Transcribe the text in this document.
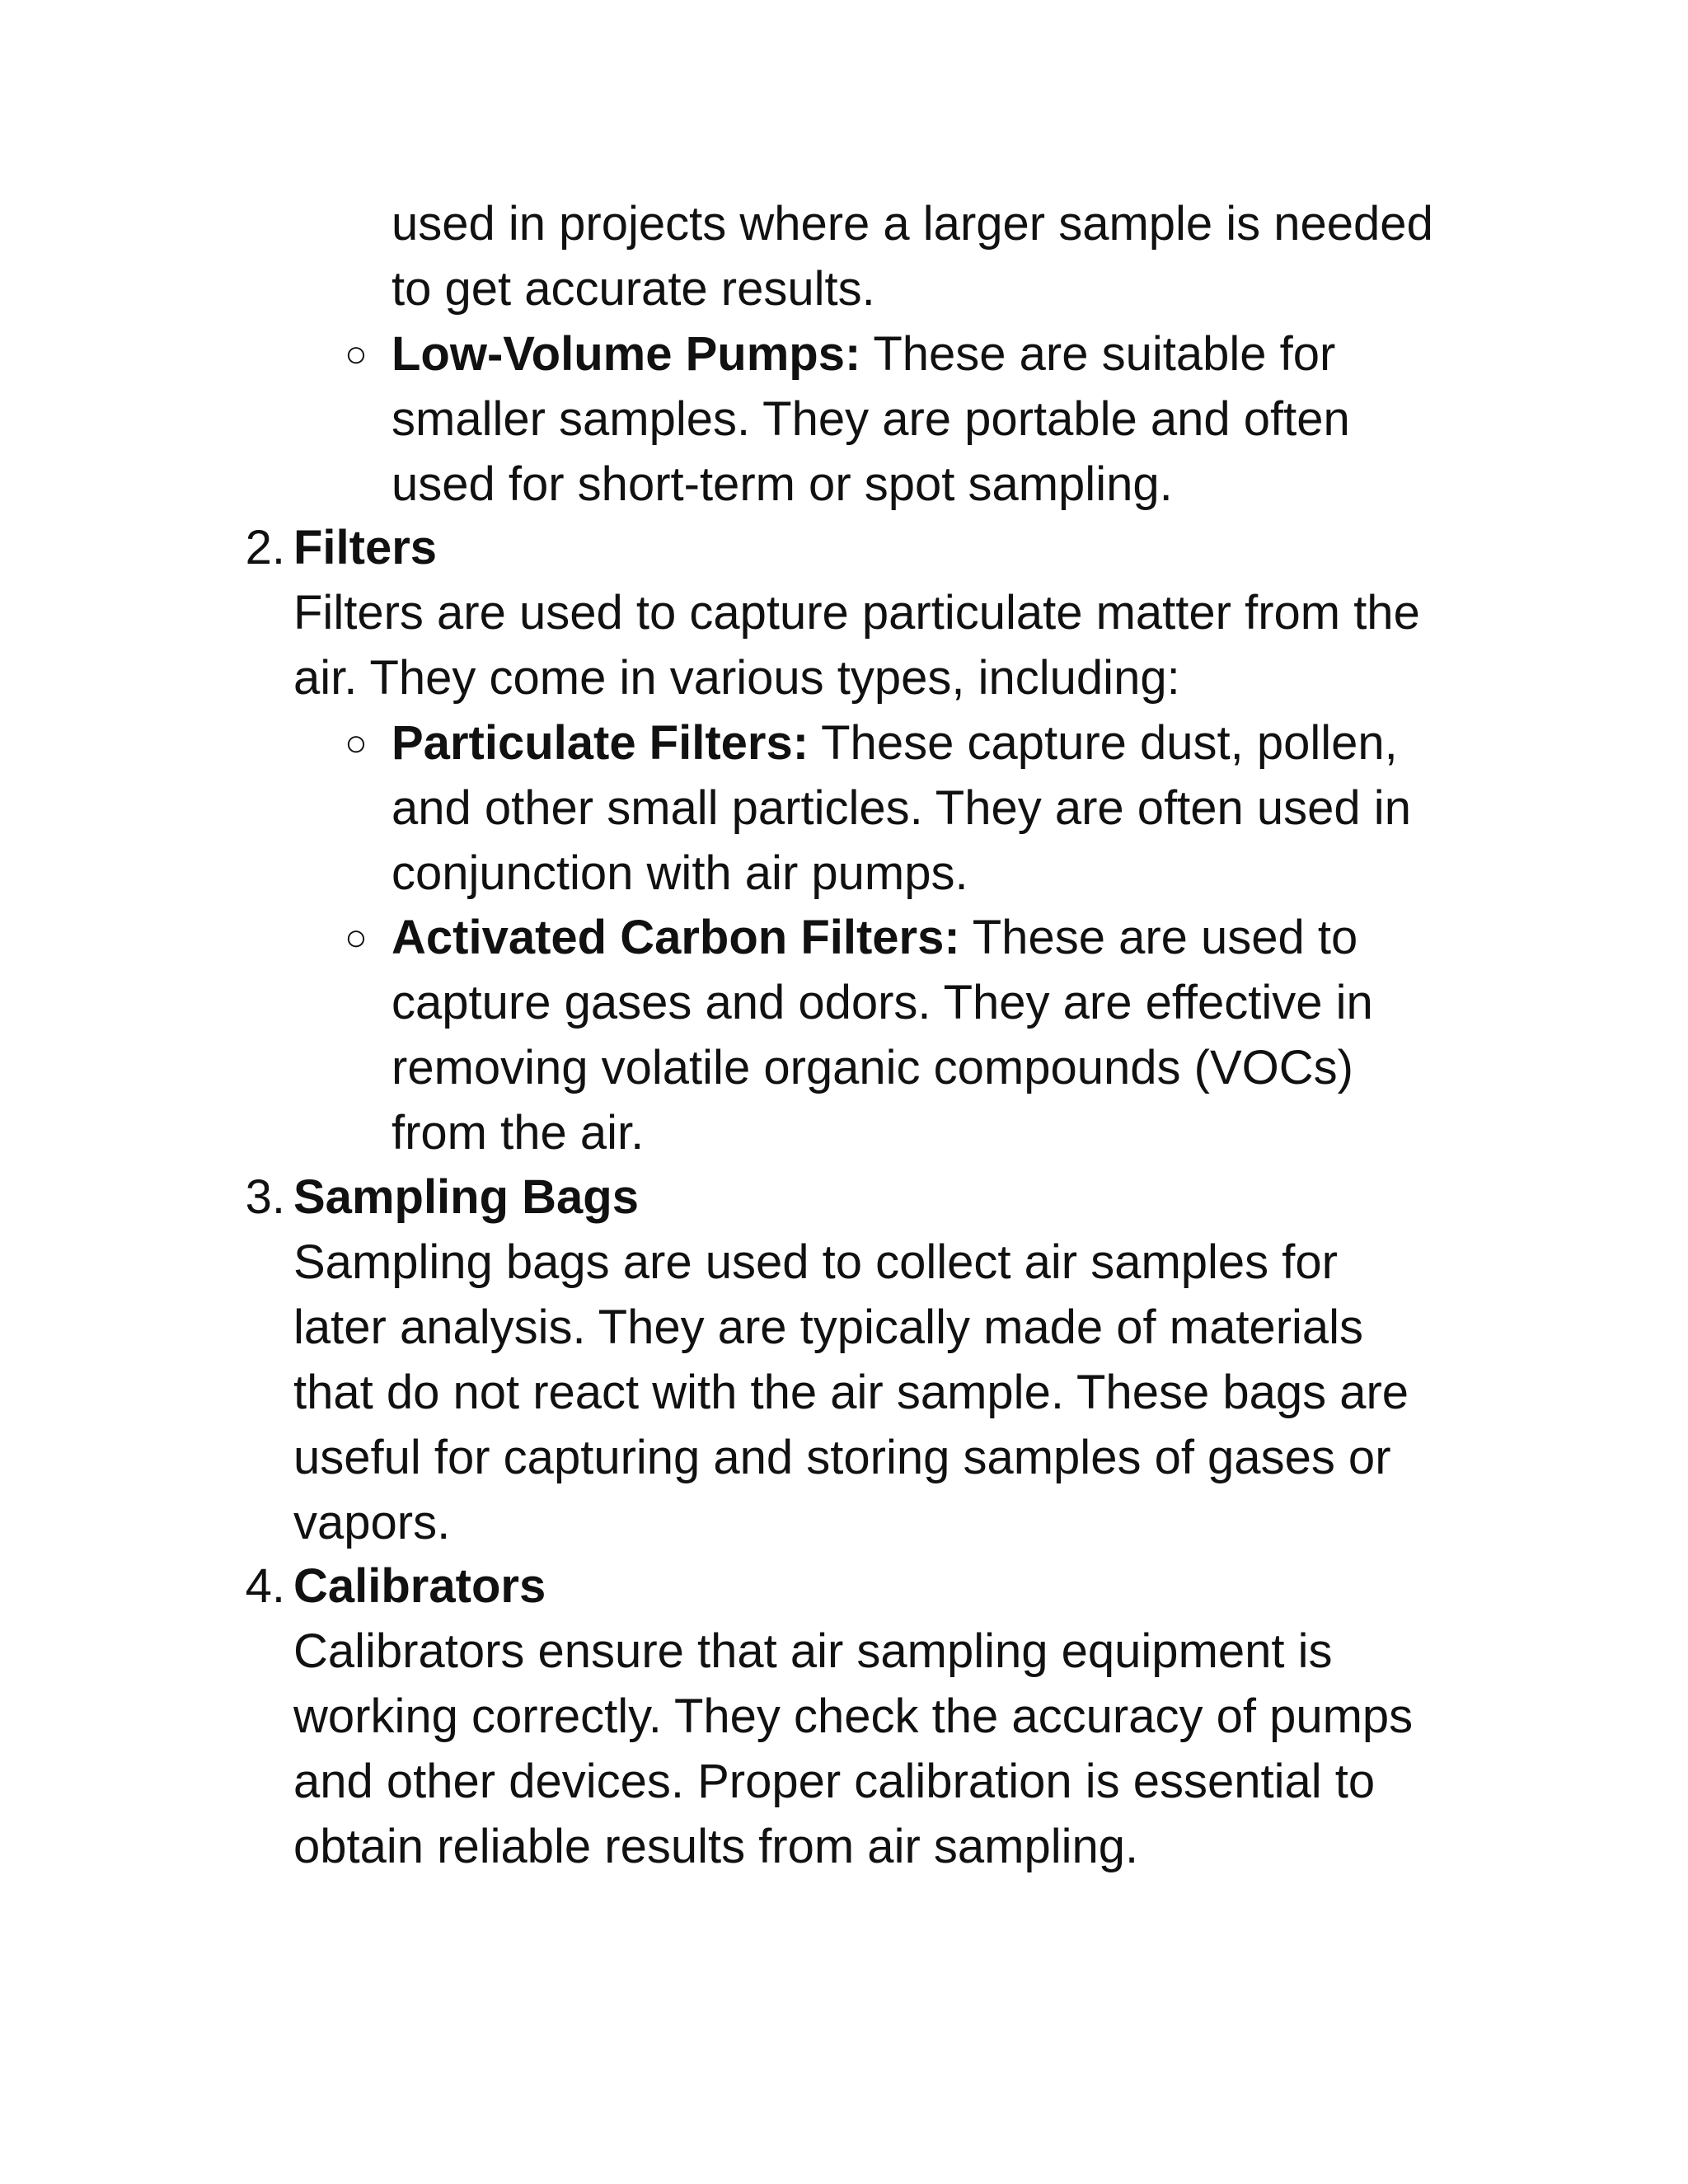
used in projects where a larger sample is needed
to get accurate results.
○ Low-Volume Pumps: These are suitable for
smaller samples. They are portable and often
used for short-term or spot sampling.
2. Filters
Filters are used to capture particulate matter from the
air. They come in various types, including:
○ Particulate Filters: These capture dust, pollen,
and other small particles. They are often used in
conjunction with air pumps.
○ Activated Carbon Filters: These are used to
capture gases and odors. They are effective in
removing volatile organic compounds (VOCs)
from the air.
3. Sampling Bags
Sampling bags are used to collect air samples for
later analysis. They are typically made of materials
that do not react with the air sample. These bags are
useful for capturing and storing samples of gases or
vapors.
4. Calibrators
Calibrators ensure that air sampling equipment is
working correctly. They check the accuracy of pumps
and other devices. Proper calibration is essential to
obtain reliable results from air sampling.
